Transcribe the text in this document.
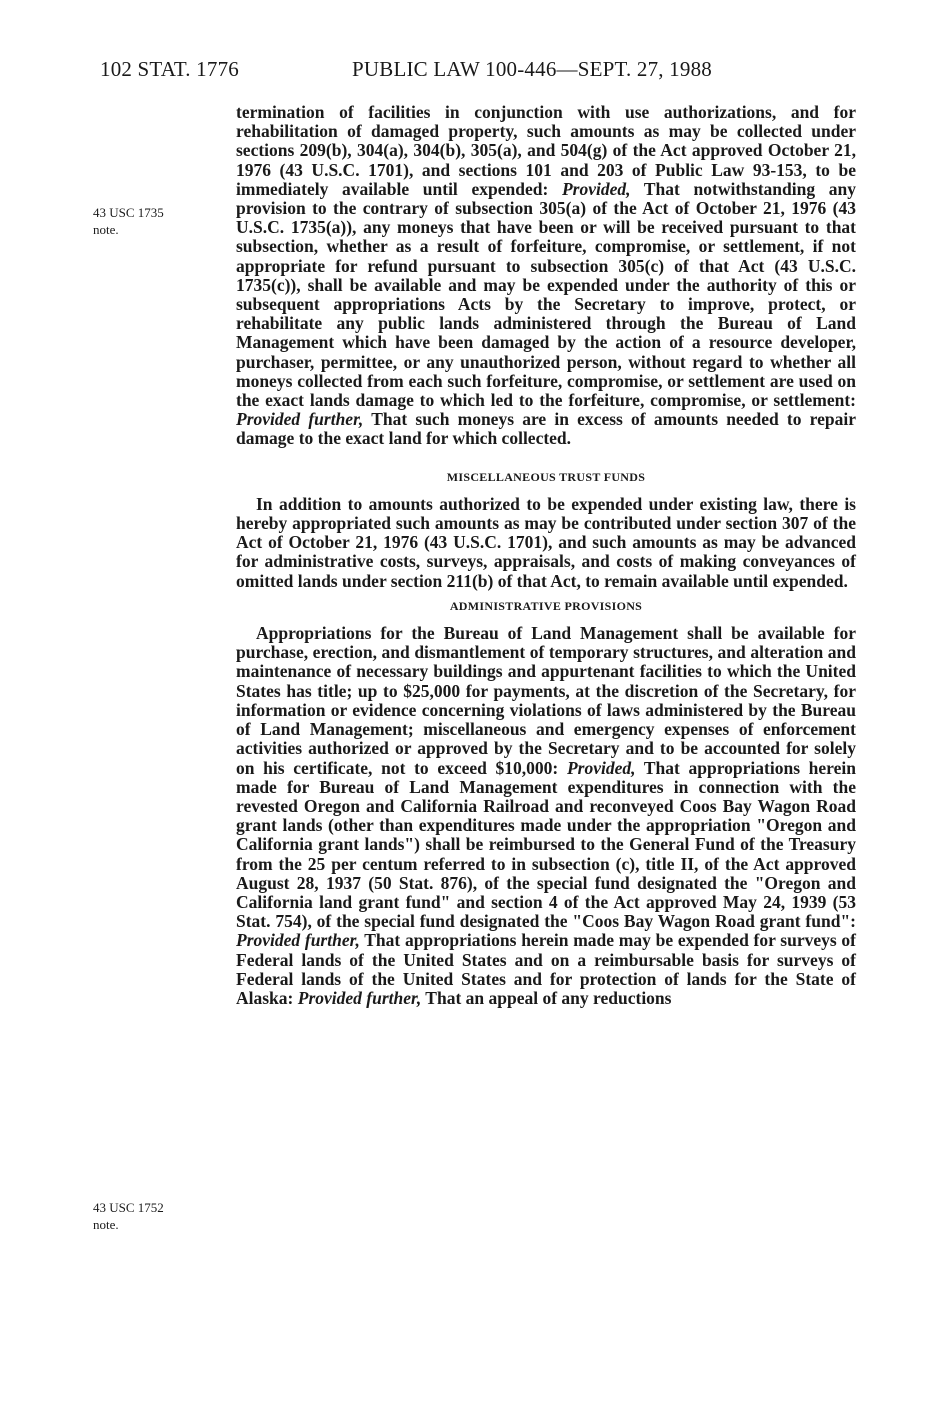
102 STAT. 1776	PUBLIC LAW 100-446—SEPT. 27, 1988
43 USC 1735
note.
43 USC 1752
note.

termination of facilities in conjunction with use authorizations, and for rehabilitation of damaged property, such amounts as may be collected under sections 209(b), 304(a), 304(b), 305(a), and 504(g) of the Act approved October 21, 1976 (43 U.S.C. 1701), and sections 101 and 203 of Public Law 93-153, to be immediately available until expended: Provided, That notwithstanding any provision to the contrary of subsection 305(a) of the Act of October 21, 1976 (43 U.S.C. 1735(a)), any moneys that have been or will be received pursuant to that subsection, whether as a result of forfeiture, compromise, or settlement, if not appropriate for refund pursuant to subsection 305(c) of that Act (43 U.S.C. 1735(c)), shall be available and may be expended under the authority of this or subsequent appropriations Acts by the Secretary to improve, protect, or rehabilitate any public lands administered through the Bureau of Land Management which have been damaged by the action of a resource developer, purchaser, permittee, or any unauthorized person, without regard to whether all moneys collected from each such forfeiture, compromise, or settlement are used on the exact lands damage to which led to the forfeiture, compromise, or settlement: Provided further, That such moneys are in excess of amounts needed to repair damage to the exact land for which collected.

MISCELLANEOUS TRUST FUNDS

In addition to amounts authorized to be expended under existing law, there is hereby appropriated such amounts as may be contributed under section 307 of the Act of October 21, 1976 (43 U.S.C. 1701), and such amounts as may be advanced for administrative costs, surveys, appraisals, and costs of making conveyances of omitted lands under section 211(b) of that Act, to remain available until expended.

ADMINISTRATIVE PROVISIONS

Appropriations for the Bureau of Land Management shall be available for purchase, erection, and dismantlement of temporary structures, and alteration and maintenance of necessary buildings and appurtenant facilities to which the United States has title; up to $25,000 for payments, at the discretion of the Secretary, for information or evidence concerning violations of laws administered by the Bureau of Land Management; miscellaneous and emergency expenses of enforcement activities authorized or approved by the Secretary and to be accounted for solely on his certificate, not to exceed $10,000: Provided, That appropriations herein made for Bureau of Land Management expenditures in connection with the revested Oregon and California Railroad and reconveyed Coos Bay Wagon Road grant lands (other than expenditures made under the appropriation "Oregon and California grant lands") shall be reimbursed to the General Fund of the Treasury from the 25 per centum referred to in subsection (c), title II, of the Act approved August 28, 1937 (50 Stat. 876), of the special fund designated the "Oregon and California land grant fund" and section 4 of the Act approved May 24, 1939 (53 Stat. 754), of the special fund designated the "Coos Bay Wagon Road grant fund": Provided further, That appropriations herein made may be expended for surveys of Federal lands of the United States and on a reimbursable basis for surveys of Federal lands of the United States and for protection of lands for the State of Alaska: Provided further, That an appeal of any reductions
